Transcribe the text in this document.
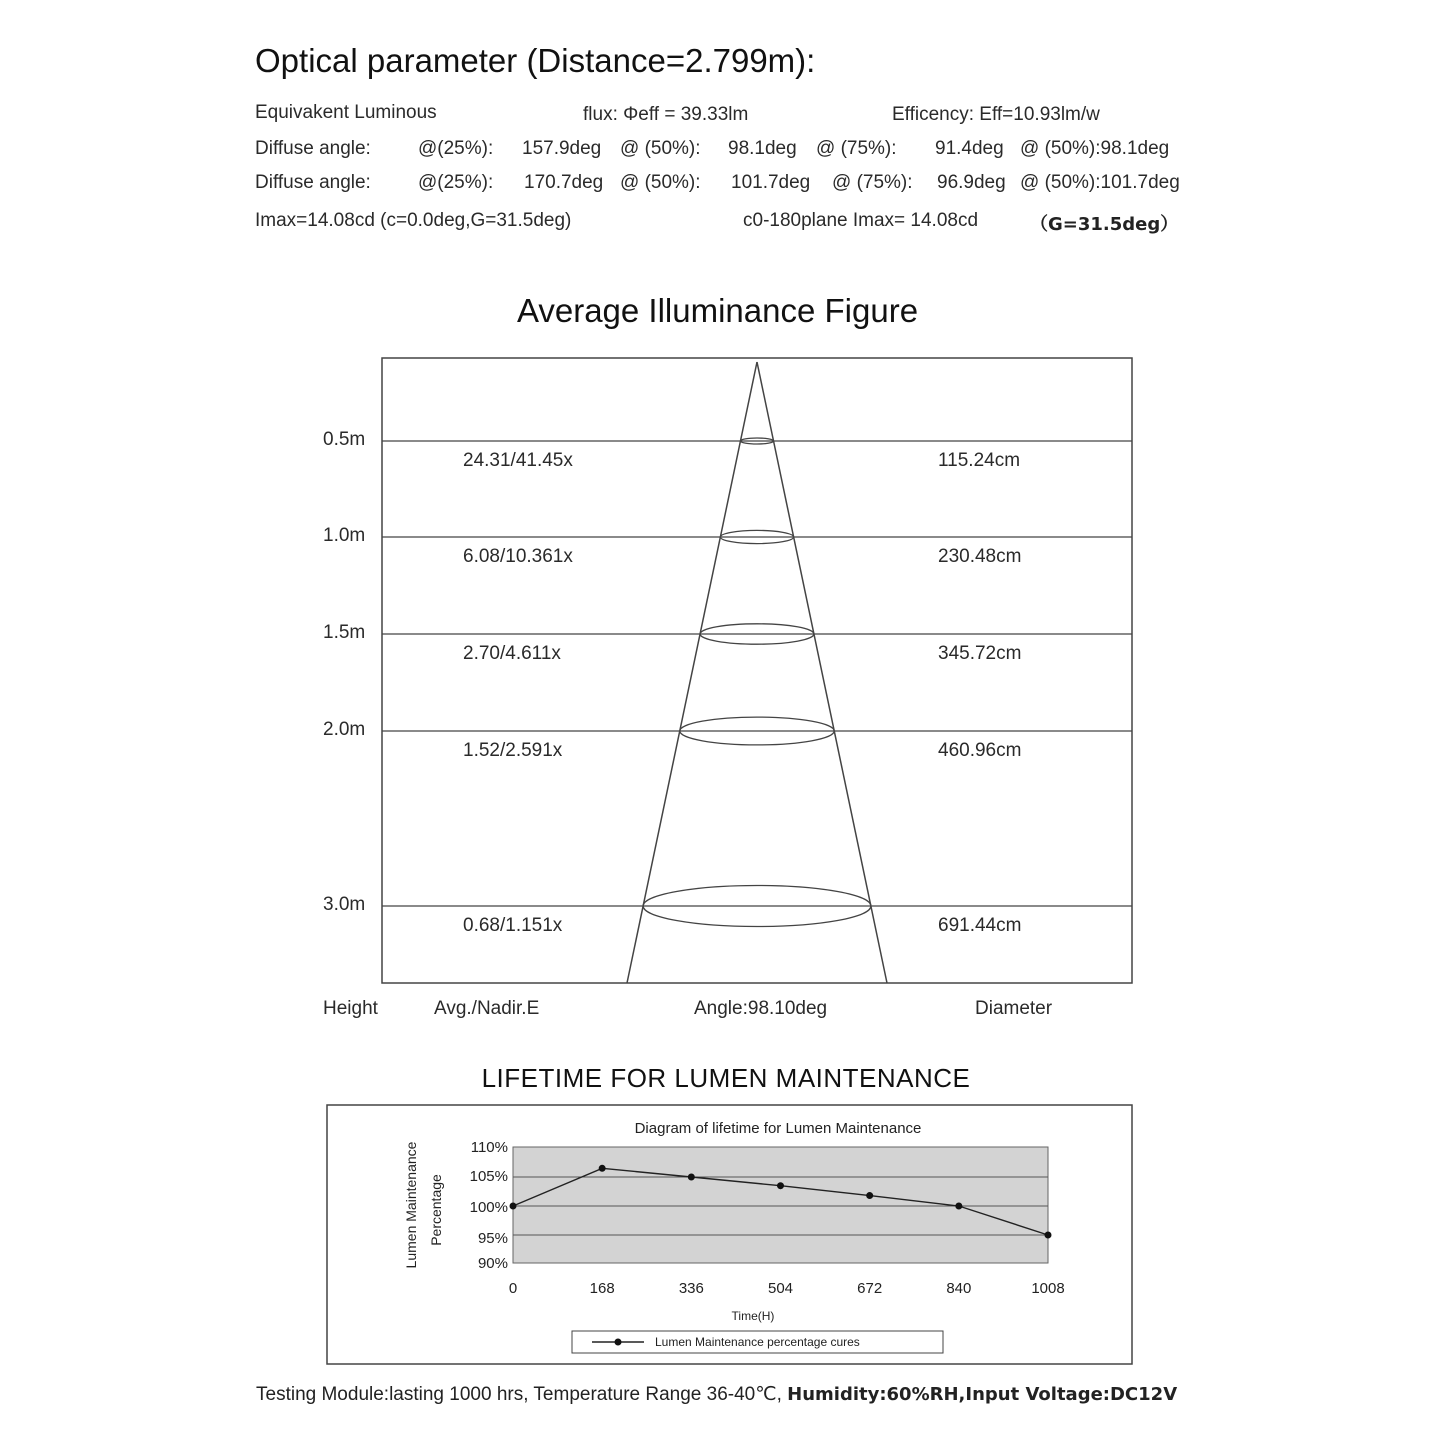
Optical parameter (Distance=2.799m):
Equivakent Luminous	flux: Φeff = 39.33lm	Efficency: Eff=10.93lm/w
Diffuse angle: @(25%): 157.9deg @ (50%): 98.1deg @ (75%): 91.4deg @ (50%):98.1deg
Diffuse angle: @(25%): 170.7deg @ (50%): 101.7deg @ (75%): 96.9deg @ (50%):101.7deg
Imax=14.08cd (c=0.0deg,G=31.5deg)	c0-180plane Imax= 14.08cd	（G=31.5deg）
Average Illuminance Figure
0.5m
24.31/41.45x	115.24cm
1.0m
6.08/10.361x	230.48cm
1.5m
2.70/4.611x	345.72cm
2.0m
1.52/2.591x	460.96cm
3.0m
0.68/1.151x	691.44cm
Height	Avg./Nadir.E	Angle:98.10deg	Diameter
LIFETIME FOR LUMEN MAINTENANCE
Diagram of lifetime for Lumen Maintenance
90%
95%
100%
105%
110%
0	168	336	504	672	840	1008
Lumen Maintenance Percentage
Time(H)
Lumen Maintenance percentage cures
Testing Module:lasting 1000 hrs, Temperature Range 36-40℃, Humidity:60%RH,Input Voltage:DC12V
